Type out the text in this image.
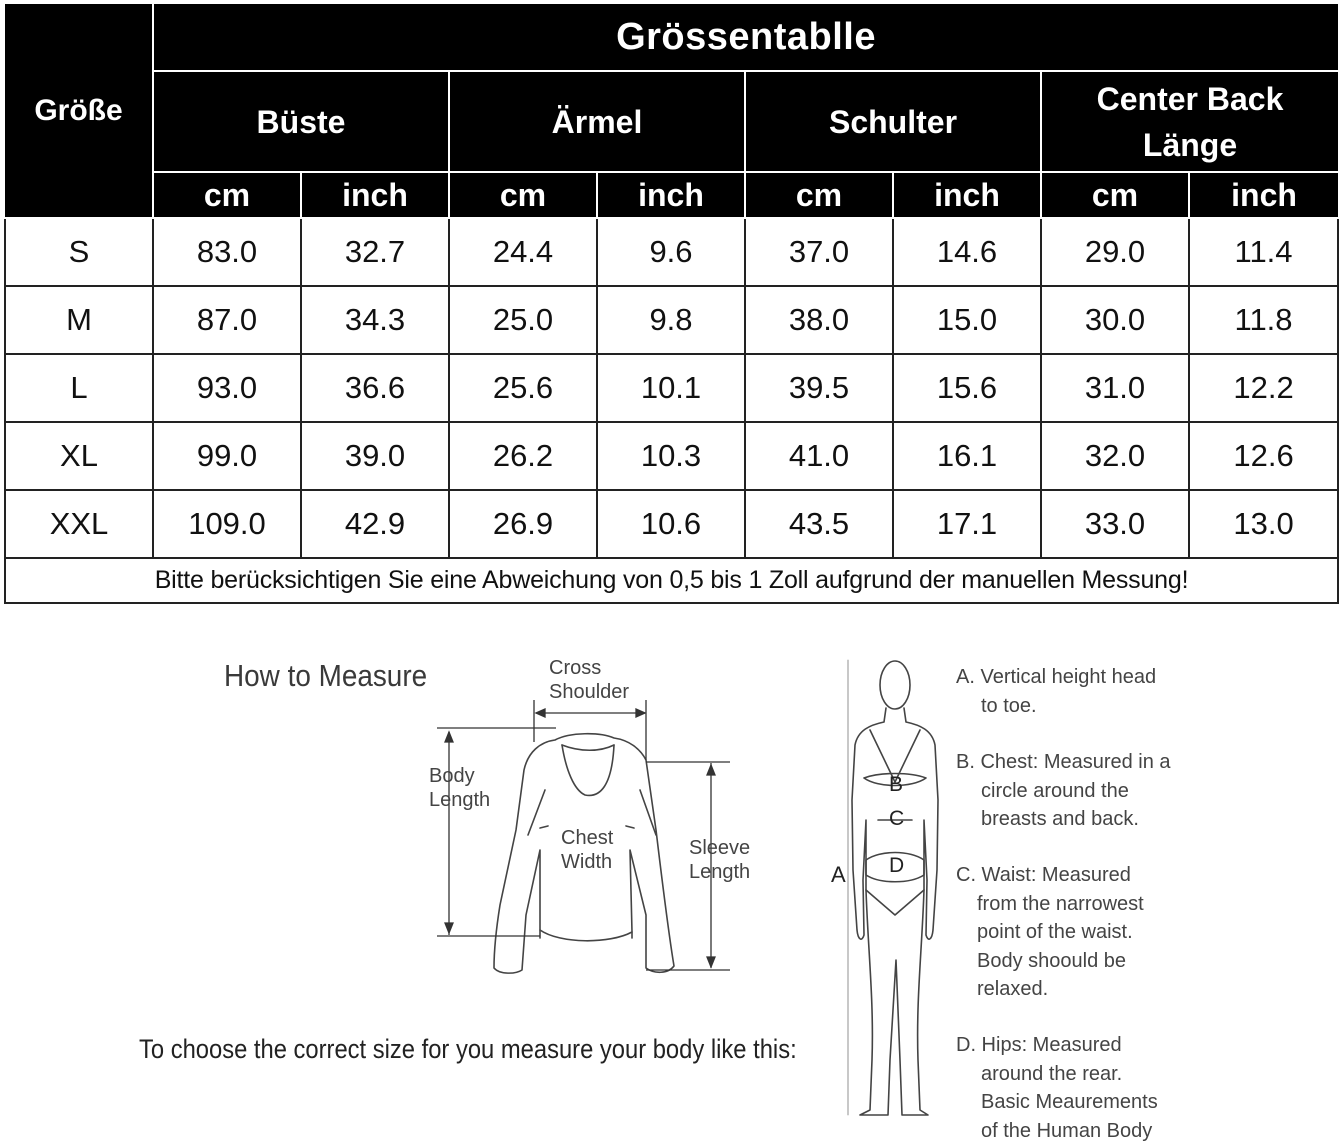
Größe	Grössentablle							
	Büste		Ärmel		Schulter		Center Back Länge	
	cm	inch	cm	inch	cm	inch	cm	inch
S	83.0	32.7	24.4	9.6	37.0	14.6	29.0	11.4
M	87.0	34.3	25.0	9.8	38.0	15.0	30.0	11.8
L	93.0	36.6	25.6	10.1	39.5	15.6	31.0	12.2
XL	99.0	39.0	26.2	10.3	41.0	16.1	32.0	12.6
XXL	109.0	42.9	26.9	10.6	43.5	17.1	33.0	13.0
Bitte berücksichtigen Sie eine Abweichung von 0,5 bis 1 Zoll aufgrund der manuellen Messung!								
How to Measure	Cross
Shoulder
Body
Length
Chest
Width
Sleeve
Length	A
B
C
D
A. Vertical height head
to toe.
B. Chest: Measured in a
circle around the
breasts and back.
C. Waist: Measured
from the narrowest
point of the waist.
Body shoould be
relaxed.
D. Hips: Measured
around the rear.
Basic Meaurements
of the Human Body
To choose the correct size for you measure your body like this:
